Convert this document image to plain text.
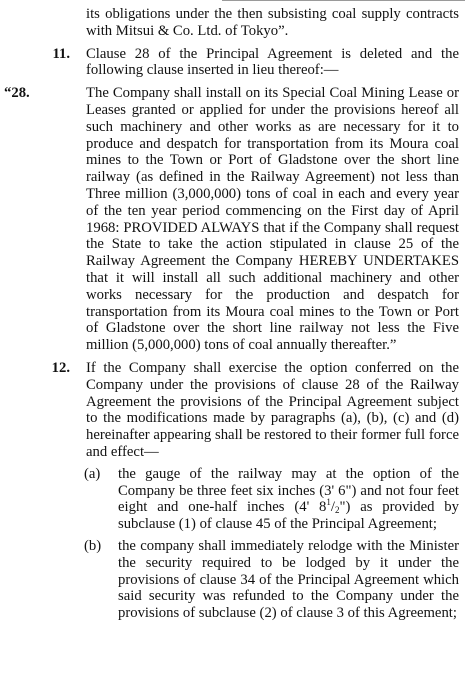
its obligations under the then subsisting coal supply contracts with Mitsui & Co. Ltd. of Tokyo”.

11. Clause 28 of the Principal Agreement is deleted and the following clause inserted in lieu thereof:—

“28.	The Company shall install on its Special Coal Mining Lease or Leases granted or applied for under the provisions hereof all such machinery and other works as are necessary for it to produce and despatch for transportation from its Moura coal mines to the Town or Port of Gladstone over the short line railway (as defined in the Railway Agreement) not less than Three million (3,000,000) tons of coal in each and every year of the ten year period commencing on the First day of April 1968: PROVIDED ALWAYS that if the Company shall request the State to take the action stipulated in clause 25 of the Railway Agreement the Company HEREBY UNDERTAKES that it will install all such additional machinery and other works necessary for the production and despatch for transportation from its Moura coal mines to the Town or Port of Gladstone over the short line railway not less the Five million (5,000,000) tons of coal annually thereafter.”

12. If the Company shall exercise the option conferred on the Company under the provisions of clause 28 of the Railway Agreement the provisions of the Principal Agreement subject to the modifications made by paragraphs (a), (b), (c) and (d) hereinafter appearing shall be restored to their former full force and effect—

(a) the gauge of the railway may at the option of the Company be three feet six inches (3' 6") and not four feet eight and one-half inches (4' $8^1/_2$") as provided by subclause (1) of clause 45 of the Principal Agreement;

(b) the company shall immediately relodge with the Minister the security required to be lodged by it under the provisions of clause 34 of the Principal Agreement which said security was refunded to the Company under the provisions of subclause (2) of clause 3 of this Agreement;
